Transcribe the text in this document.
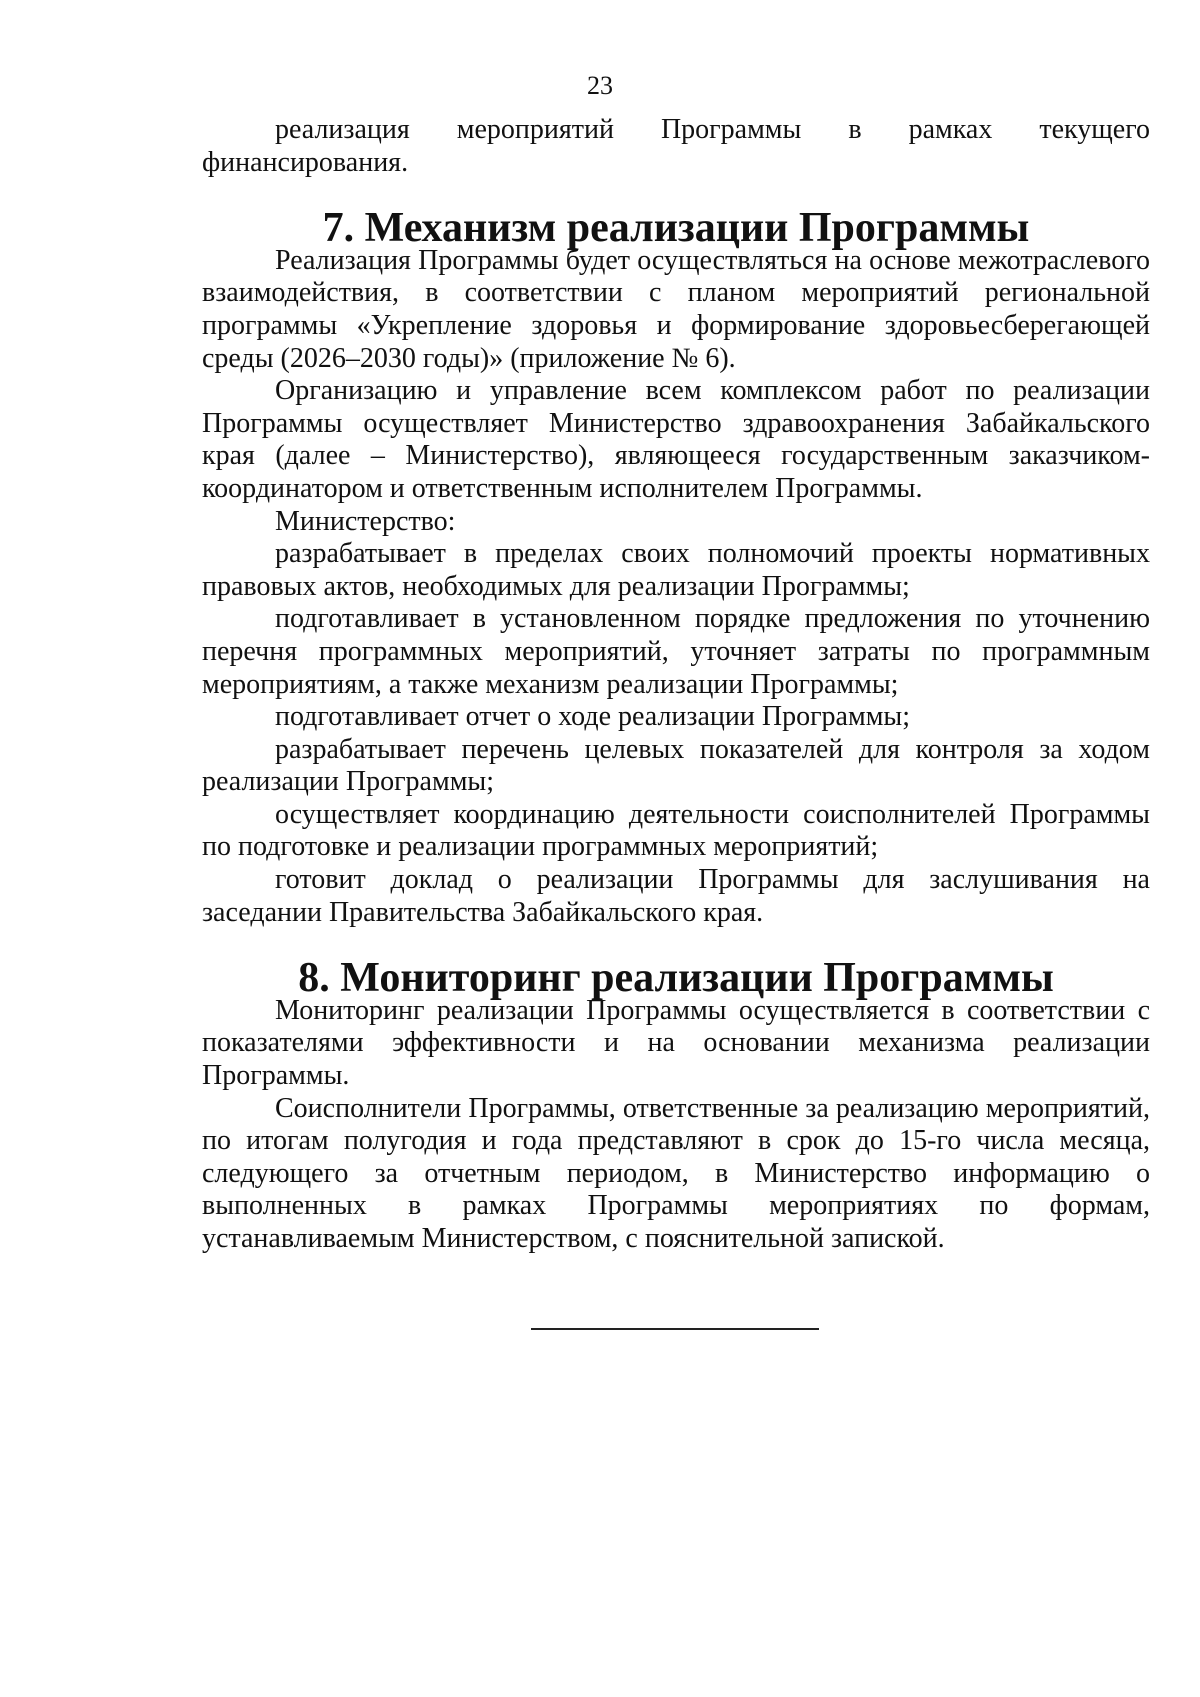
23

реализация мероприятий Программы в рамках текущего финансирования.

7. Механизм реализации Программы

Реализация Программы будет осуществляться на основе межотраслевого взаимодействия, в соответствии с планом мероприятий региональной программы «Укрепление здоровья и формирование здоровьесберегающей среды (2026–2030 годы)» (приложение № 6).

Организацию и управление всем комплексом работ по реализации Программы осуществляет Министерство здравоохранения Забайкальского края (далее – Министерство), являющееся государственным заказчиком-координатором и ответственным исполнителем Программы.

Министерство:

разрабатывает в пределах своих полномочий проекты нормативных правовых актов, необходимых для реализации Программы;

подготавливает в установленном порядке предложения по уточнению перечня программных мероприятий, уточняет затраты по программным мероприятиям, а также механизм реализации Программы;

подготавливает отчет о ходе реализации Программы;

разрабатывает перечень целевых показателей для контроля за ходом реализации Программы;

осуществляет координацию деятельности соисполнителей Программы по подготовке и реализации программных мероприятий;

готовит доклад о реализации Программы для заслушивания на заседании Правительства Забайкальского края.

8. Мониторинг реализации Программы

Мониторинг реализации Программы осуществляется в соответствии с показателями эффективности и на основании механизма реализации Программы.

Соисполнители Программы, ответственные за реализацию мероприятий, по итогам полугодия и года представляют в срок до 15-го числа месяца, следующего за отчетным периодом, в Министерство информацию о выполненных в рамках Программы мероприятиях по формам, устанавливаемым Министерством, с пояснительной запиской.
